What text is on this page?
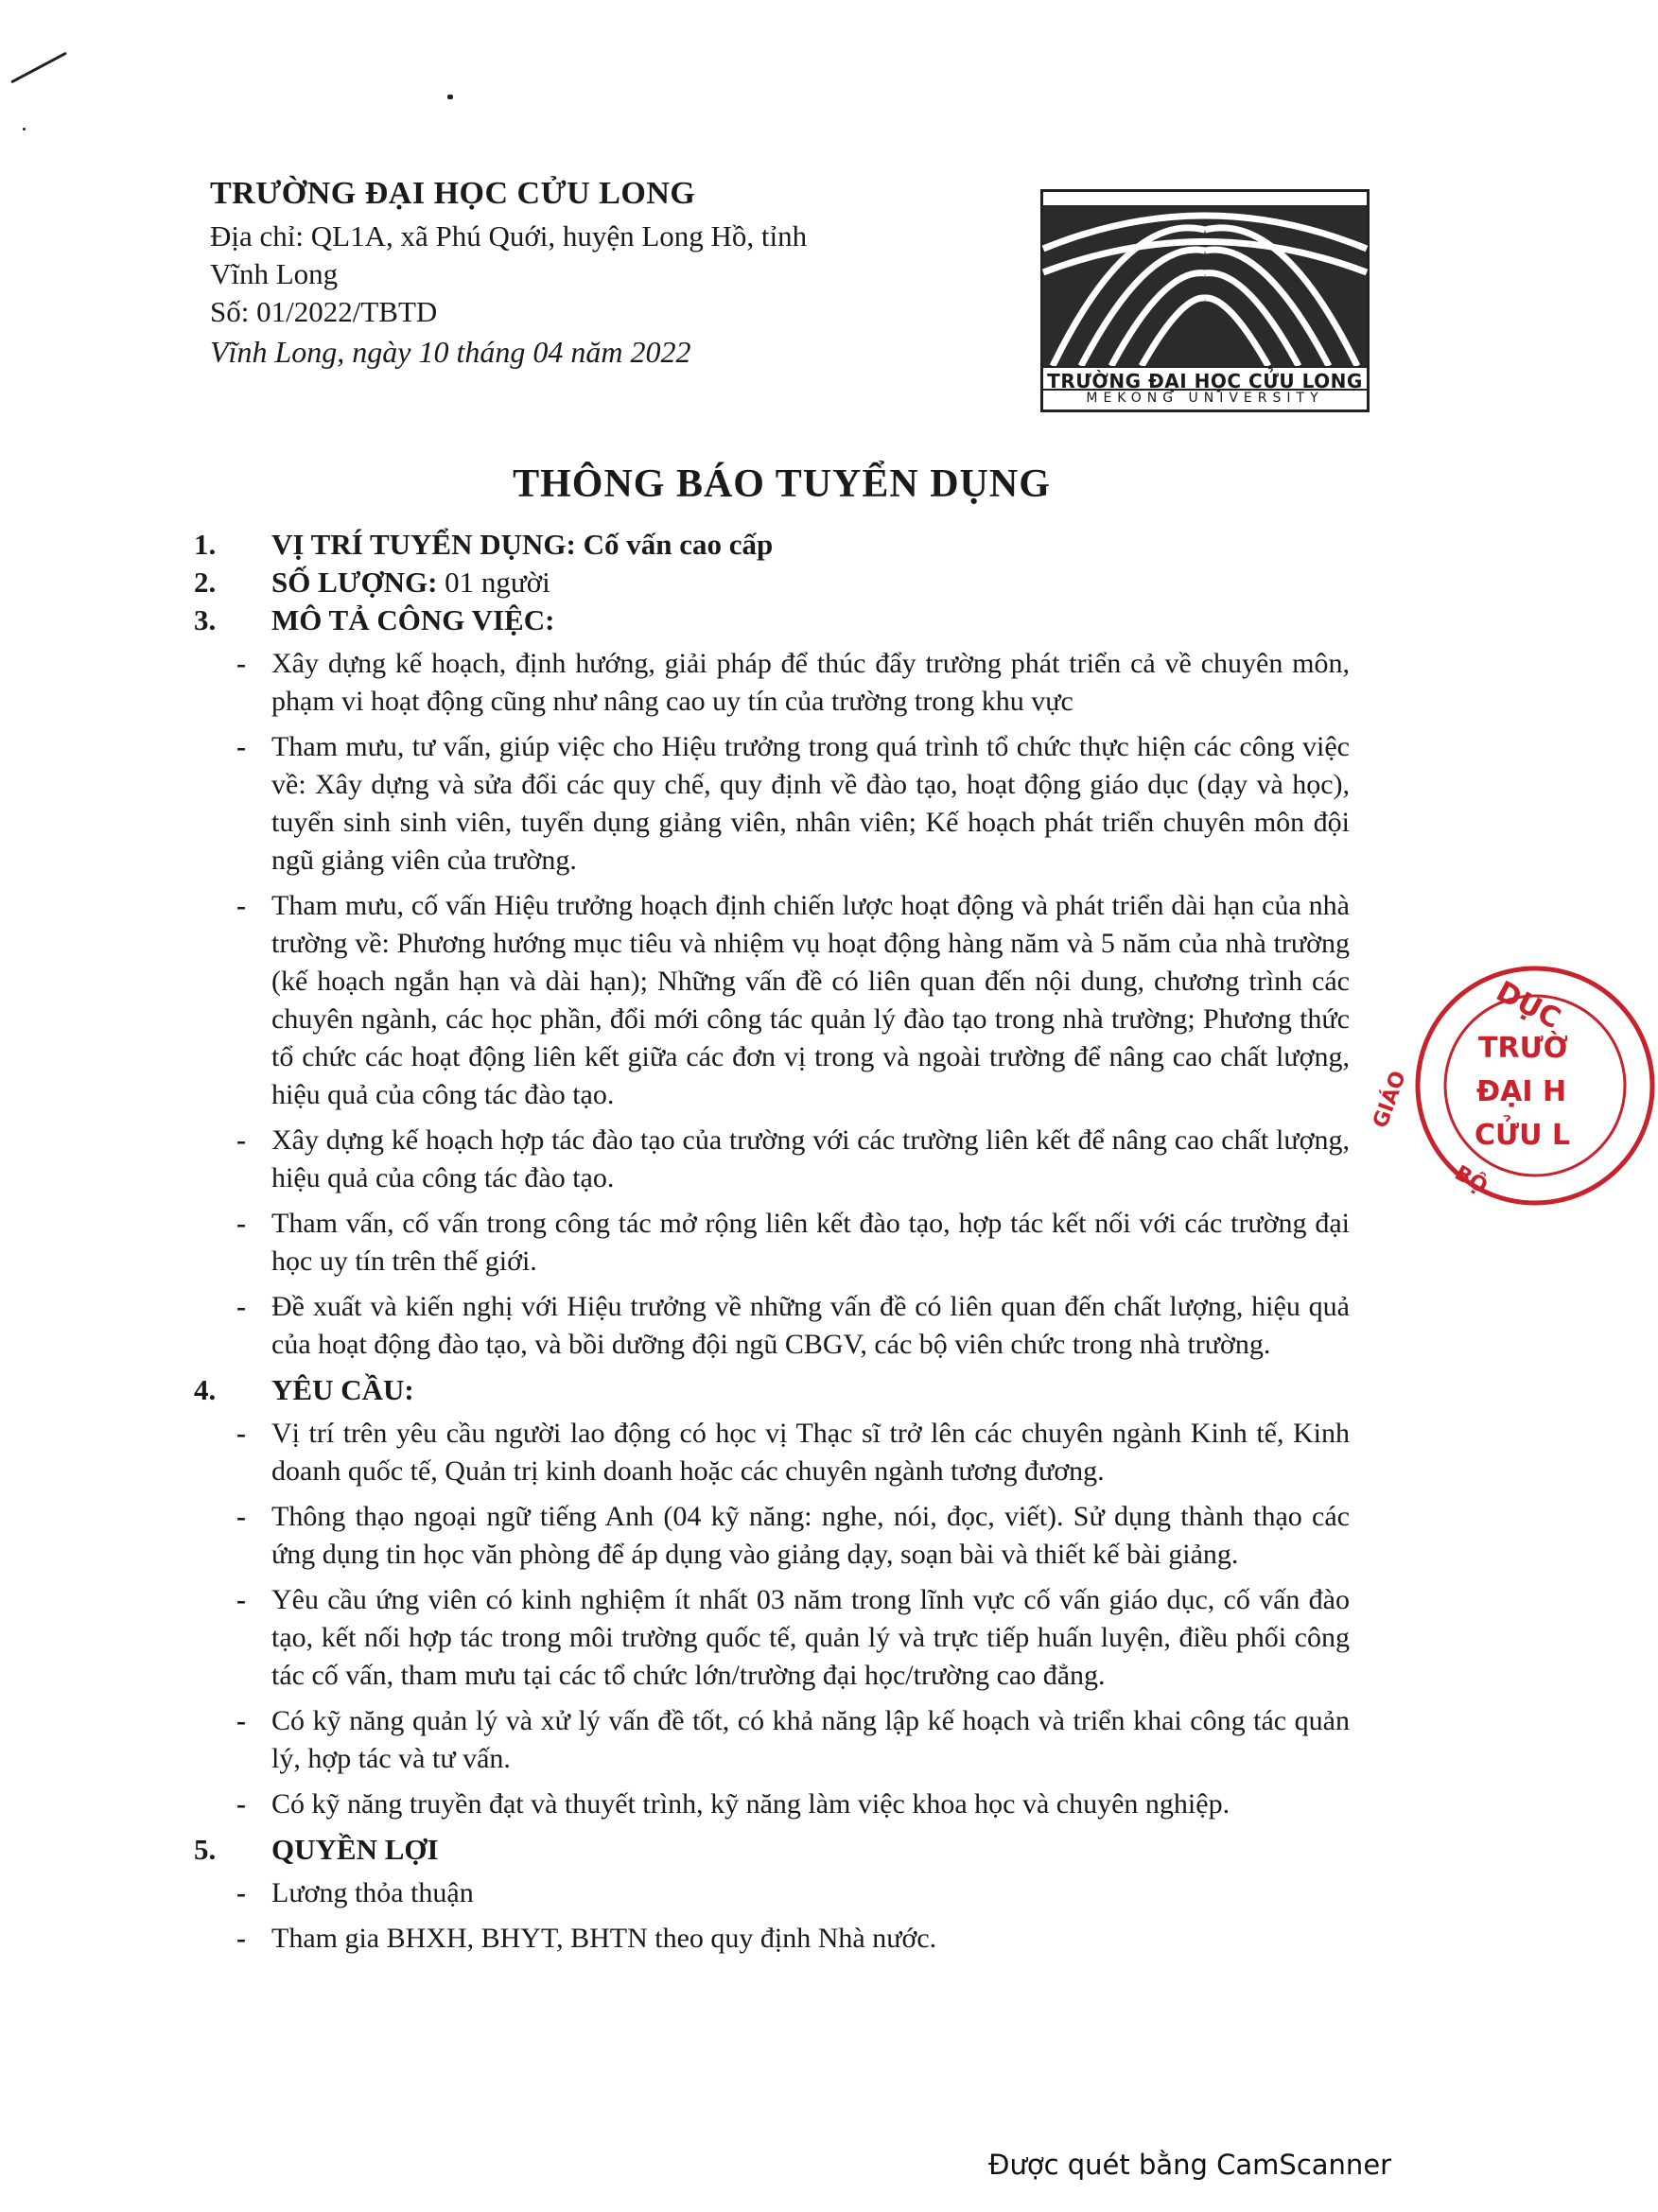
TRƯỜNG ĐẠI HỌC CỬU LONG
Địa chỉ: QL1A, xã Phú Quới, huyện Long Hồ, tỉnh
Vĩnh Long
Số: 01/2022/TBTD
Vĩnh Long, ngày 10 tháng 04 năm 2022
TRƯỜNG ĐẠI HỌC CỬU LONG
MEKONG UNIVERSITY
THÔNG BÁO TUYỂN DỤNG
1.	VỊ TRÍ TUYỂN DỤNG: Cố vấn cao cấp
2.	SỐ LƯỢNG: 01 người
3.	MÔ TẢ CÔNG VIỆC:
- Xây dựng kế hoạch, định hướng, giải pháp để thúc đẩy trường phát triển cả về chuyên môn, phạm vi hoạt động cũng như nâng cao uy tín của trường trong khu vực
- Tham mưu, tư vấn, giúp việc cho Hiệu trưởng trong quá trình tổ chức thực hiện các công việc về: Xây dựng và sửa đổi các quy chế, quy định về đào tạo, hoạt động giáo dục (dạy và học), tuyển sinh sinh viên, tuyển dụng giảng viên, nhân viên; Kế hoạch phát triển chuyên môn đội ngũ giảng viên của trường.
- Tham mưu, cố vấn Hiệu trưởng hoạch định chiến lược hoạt động và phát triển dài hạn của nhà trường về: Phương hướng mục tiêu và nhiệm vụ hoạt động hàng năm và 5 năm của nhà trường (kế hoạch ngắn hạn và dài hạn); Những vấn đề có liên quan đến nội dung, chương trình các chuyên ngành, các học phần, đổi mới công tác quản lý đào tạo trong nhà trường; Phương thức tổ chức các hoạt động liên kết giữa các đơn vị trong và ngoài trường để nâng cao chất lượng, hiệu quả của công tác đào tạo.
- Xây dựng kế hoạch hợp tác đào tạo của trường với các trường liên kết để nâng cao chất lượng, hiệu quả của công tác đào tạo.
- Tham vấn, cố vấn trong công tác mở rộng liên kết đào tạo, hợp tác kết nối với các trường đại học uy tín trên thế giới.
- Đề xuất và kiến nghị với Hiệu trưởng về những vấn đề có liên quan đến chất lượng, hiệu quả của hoạt động đào tạo, và bồi dưỡng đội ngũ CBGV, các bộ viên chức trong nhà trường.
4.	YÊU CẦU:
- Vị trí trên yêu cầu người lao động có học vị Thạc sĩ trở lên các chuyên ngành Kinh tế, Kinh doanh quốc tế, Quản trị kinh doanh hoặc các chuyên ngành tương đương.
- Thông thạo ngoại ngữ tiếng Anh (04 kỹ năng: nghe, nói, đọc, viết). Sử dụng thành thạo các ứng dụng tin học văn phòng để áp dụng vào giảng dạy, soạn bài và thiết kế bài giảng.
- Yêu cầu ứng viên có kinh nghiệm ít nhất 03 năm trong lĩnh vực cố vấn giáo dục, cố vấn đào tạo, kết nối hợp tác trong môi trường quốc tế, quản lý và trực tiếp huấn luyện, điều phối công tác cố vấn, tham mưu tại các tổ chức lớn/trường đại học/trường cao đẳng.
- Có kỹ năng quản lý và xử lý vấn đề tốt, có khả năng lập kế hoạch và triển khai công tác quản lý, hợp tác và tư vấn.
- Có kỹ năng truyền đạt và thuyết trình, kỹ năng làm việc khoa học và chuyên nghiệp.
5.	QUYỀN LỢI
- Lương thỏa thuận
- Tham gia BHXH, BHYT, BHTN theo quy định Nhà nước.
DỤC
GIÁO
BỘ
TRƯỜ
ĐẠI H
CỬU L
Được quét bằng CamScanner
